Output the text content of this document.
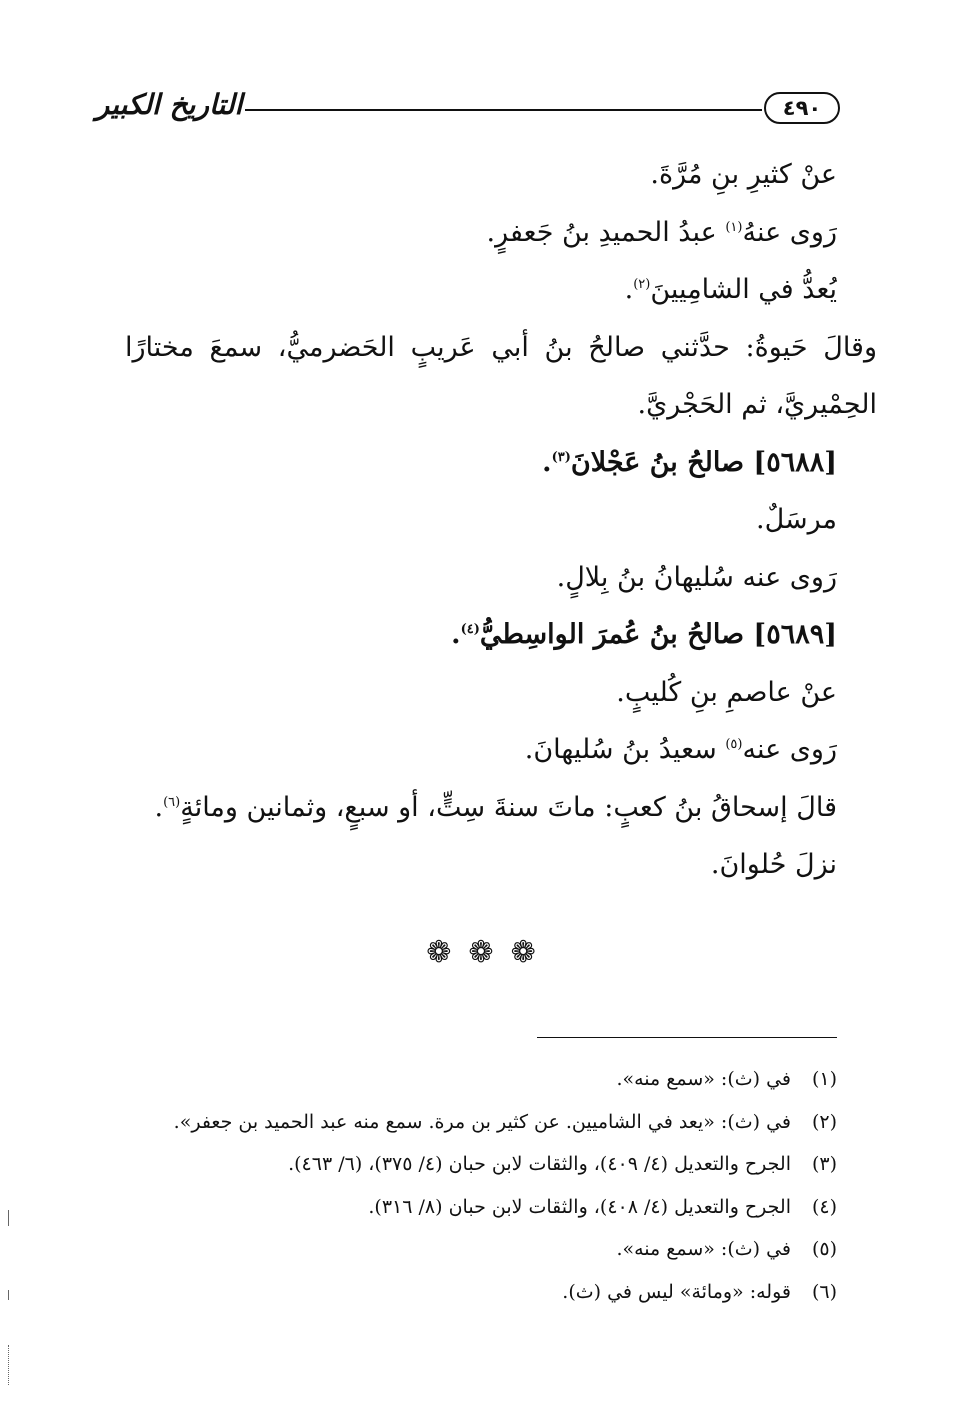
٤٩٠
التاريخ الكبير
عنْ كثيرِ بنِ مُرَّةَ.
رَوى عنهُ$^{(١)}$ عبدُ الحميدِ بنُ جَعفرٍ.
يُعدُّ في الشامِيينَ$^{(٢)}$.
وقالَ حَيوةُ: حدَّثني صالحُ بنُ أبي عَريبٍ الحَضرميُّ، سمعَ مختارًا
الحِمْيريَّ، ثم الحَجْريَّ.
[٥٦٨٨] صالحُ بنُ عَجْلانَ$^{(٣)}$.
مرسَلٌ.
رَوى عنه سُليهانُ بنُ بِلالٍ.
[٥٦٨٩] صالحُ بنُ عُمرَ الواسِطيُّ$^{(٤)}$.
عنْ عاصمِ بنِ كُليبٍ.
رَوى عنه$^{(٥)}$ سعيدُ بنُ سُليهانَ.
قالَ إسحاقُ بنُ كعبٍ: ماتَ سنةَ سِتٍّ، أو سبعٍ، وثمانين ومائةٍ$^{(٦)}$.
نزلَ حُلوانَ.
❁ ❁ ❁
(١)في (ث): «سمع منه».
(٢)في (ث): «يعد في الشاميين. عن كثير بن مرة. سمع منه عبد الحميد بن جعفر».
(٣)الجرح والتعديل (٤/ ٤٠٩)، والثقات لابن حبان (٤/ ٣٧٥)، (٦/ ٤٦٣).
(٤)الجرح والتعديل (٤/ ٤٠٨)، والثقات لابن حبان (٨/ ٣١٦).
(٥)في (ث): «سمع منه».
(٦)قوله: «ومائة» ليس في (ث).
